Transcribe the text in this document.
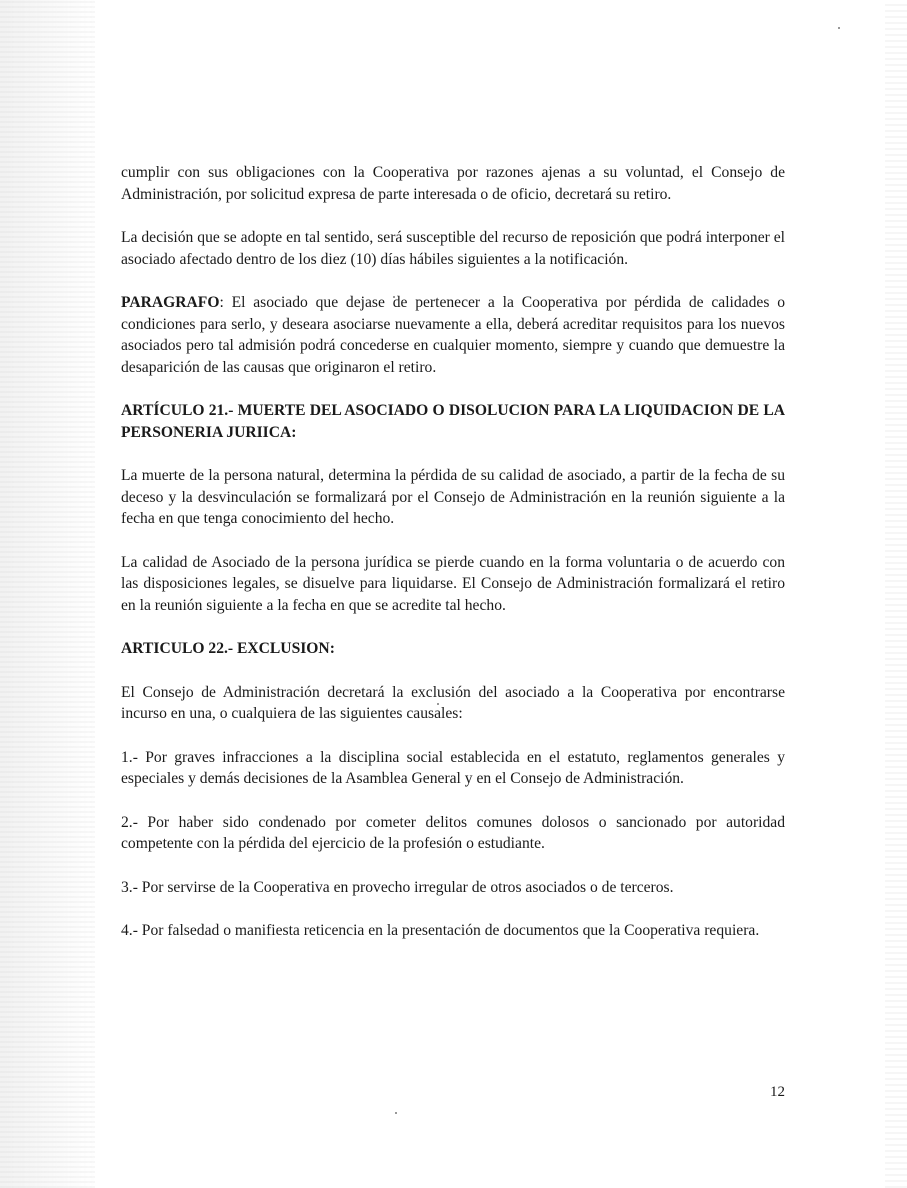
cumplir con sus obligaciones con la Cooperativa por razones ajenas a su voluntad, el Consejo de Administración, por solicitud expresa de parte interesada o de oficio, decretará su retiro.

La decisión que se adopte en tal sentido, será susceptible del recurso de reposición que podrá interponer el asociado afectado dentro de los diez (10) días hábiles siguientes a la notificación.

PARAGRAFO: El asociado que dejase de pertenecer a la Cooperativa por pérdida de calidades o condiciones para serlo, y deseara asociarse nuevamente a ella, deberá acreditar requisitos para los nuevos asociados pero tal admisión podrá concederse en cualquier momento, siempre y cuando que demuestre la desaparición de las causas que originaron el retiro.

ARTÍCULO 21.- MUERTE DEL ASOCIADO O DISOLUCION PARA LA LIQUIDACION DE LA PERSONERIA JURIICA:

La muerte de la persona natural, determina la pérdida de su calidad de asociado, a partir de la fecha de su deceso y la desvinculación se formalizará por el Consejo de Administración en la reunión siguiente a la fecha en que tenga conocimiento del hecho.

La calidad de Asociado de la persona jurídica se pierde cuando en la forma voluntaria o de acuerdo con las disposiciones legales, se disuelve para liquidarse. El Consejo de Administración formalizará el retiro en la reunión siguiente a la fecha en que se acredite tal hecho.

ARTICULO 22.- EXCLUSION:

El Consejo de Administración decretará la exclusión del asociado a la Cooperativa por encontrarse incurso en una, o cualquiera de las siguientes causales:

1.- Por graves infracciones a la disciplina social establecida en el estatuto, reglamentos generales y especiales y demás decisiones de la Asamblea General y en el Consejo de Administración.

2.- Por haber sido condenado por cometer delitos comunes dolosos o sancionado por autoridad competente con la pérdida del ejercicio de la profesión o estudiante.

3.- Por servirse de la Cooperativa en provecho irregular de otros asociados o de terceros.

4.- Por falsedad o manifiesta reticencia en la presentación de documentos que la Cooperativa requiera.

12
